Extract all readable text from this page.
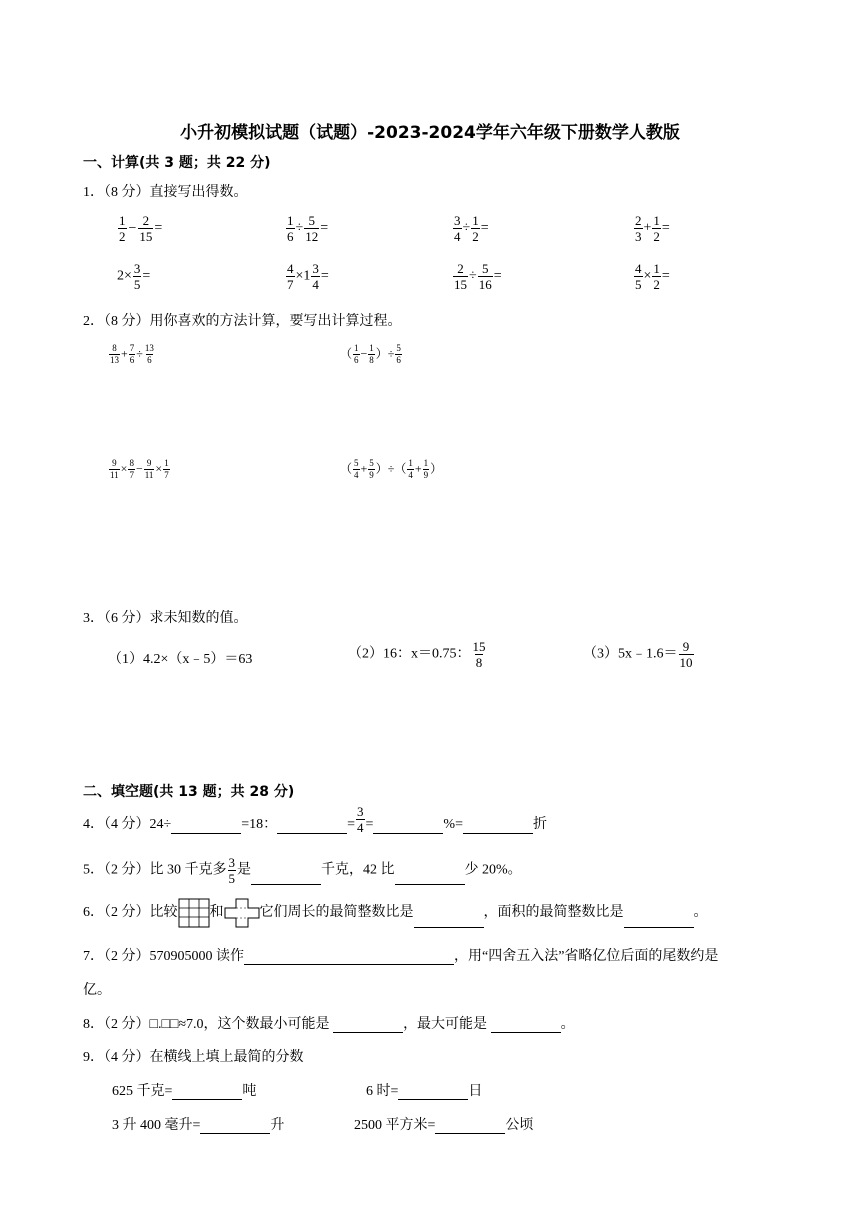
小升初模拟试题（试题）-2023-2024学年六年级下册数学人教版
一、计算(共 3 题；共 22 分)
1．（8 分）直接写出得数。
$\frac{1}{2} - \frac{2}{15}$ =	$\frac{1}{6} \div \frac{5}{12}$ =	$\frac{3}{4} \div \frac{1}{2}$ =	$\frac{2}{3} + \frac{1}{2}$ =
$2\times \frac{3}{5}$ =	$\frac{4}{7} \times 1 \frac{3}{4}$ =	$\frac{2}{15} \div \frac{5}{16}$ =	$\frac{4}{5} \times \frac{1}{2}$ =
2．（8 分）用你喜欢的方法计算，要写出计算过程。
$\frac{8}{13} + \frac{7}{6} \div \frac{13}{6}$	（ $\frac{1}{6} - \frac{1}{8}$ ）÷ $\frac{5}{6}$
$\frac{9}{11} \times \frac{8}{7} - \frac{9}{11} \times \frac{1}{7}$	（ $\frac{5}{4} + \frac{5}{9}$ ）÷（ $\frac{1}{4} + \frac{1}{9}$ ）
3．（6 分）求未知数的值。
（1）4.2×（x﹣5）＝63	（2）16：x＝0.75： $\frac{15}{8}$	（3）5x﹣1.6＝ $\frac{9}{10}$
二、填空题(共 13 题；共 28 分)
4．（4 分）24÷	=18：	= $\frac{3}{4}$ =	%=	折
5．（2 分）比 30 千克多 $\frac{3}{5}$ 是	千克，42 比	少 20%。
6．（2 分）比较 和	它们周长的最简整数比是	，面积的最简整数比是	。
7．（2 分）570905000 读作	，用“四舍五入法”省略亿位后面的尾数约是
亿。
8．（2 分）□.□□≈7.0，这个数最小可能是	，最大可能是	。
9．（4 分）在横线上填上最简的分数
625 千克=	吨	6 时=	日
3 升 400 毫升=	升	2500 平方米=	公顷
